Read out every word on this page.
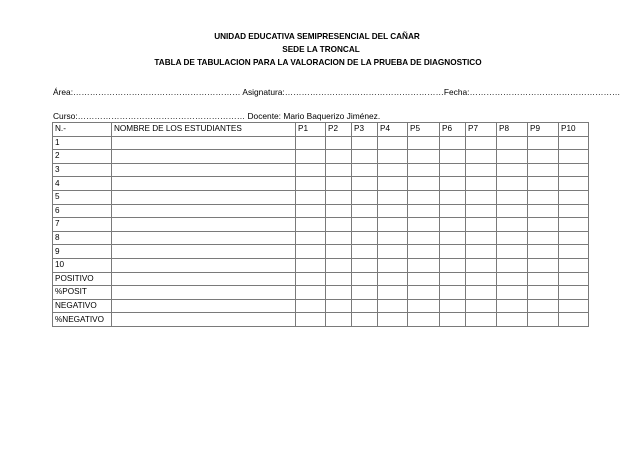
UNIDAD EDUCATIVA SEMIPRESENCIAL DEL CAÑAR
SEDE LA TRONCAL
TABLA DE TABULACION PARA LA VALORACION DE LA PRUEBA DE DIAGNOSTICO
Área:…………………………………………………… Asignatura:…………………………………………………Fecha:………………………………………………
Curso:…………………………………………………… Docente: Mario Baquerizo Jiménez.
N.-	NOMBRE DE LOS ESTUDIANTES	P1	P2	P3	P4	P5	P6	P7	P8	P9	P10
1											
2											
3											
4											
5											
6											
7											
8											
9											
10											
POSITIVO											
%POSIT											
NEGATIVO											
%NEGATIVO											
